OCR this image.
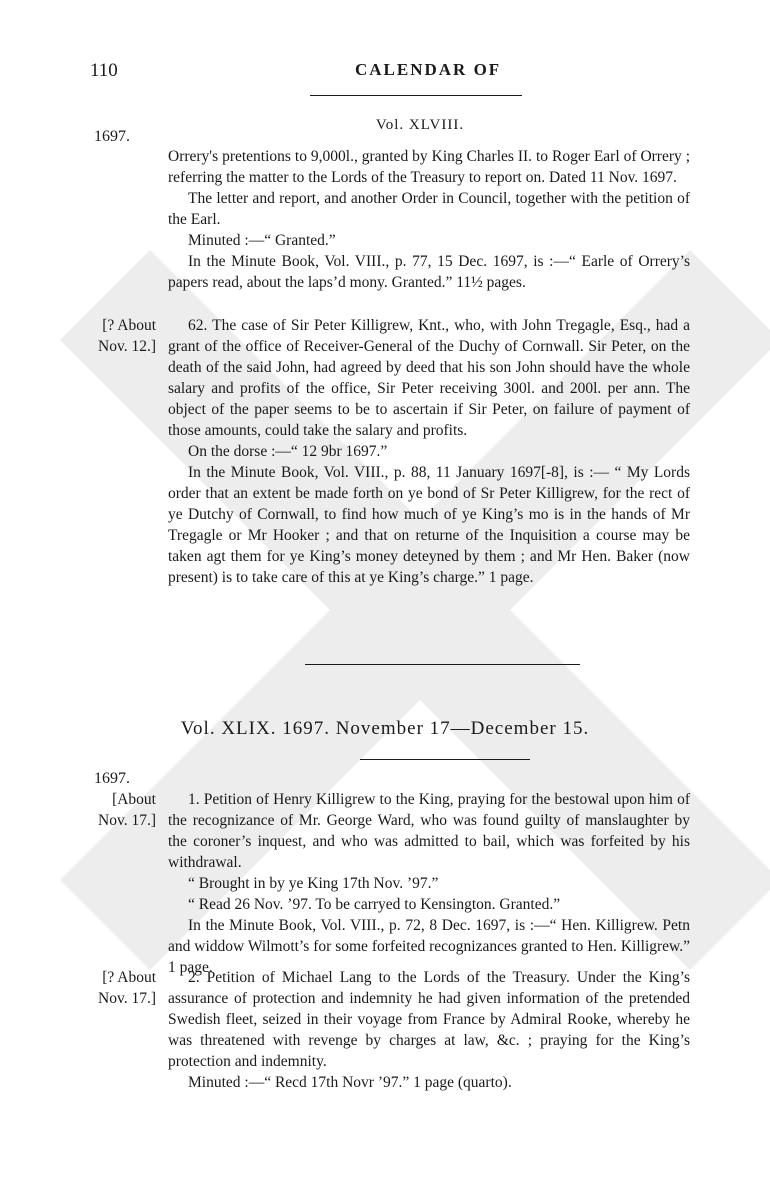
110	CALENDAR OF
Vol. XLVIII.
1697.

Orrery's pretentions to 9,000l., granted by King Charles II. to Roger Earl of Orrery ; referring the matter to the Lords of the Treasury to report on. Dated 11 Nov. 1697.

The letter and report, and another Order in Council, together with the petition of the Earl.

Minuted :—“ Granted.”

In the Minute Book, Vol. VIII., p. 77, 15 Dec. 1697, is :—“ Earle of Orrery’s papers read, about the laps’d mony. Granted.” 11½ pages.

[? About
Nov. 12.]

62. The case of Sir Peter Killigrew, Knt., who, with John Tregagle, Esq., had a grant of the office of Receiver-General of the Duchy of Cornwall. Sir Peter, on the death of the said John, had agreed by deed that his son John should have the whole salary and profits of the office, Sir Peter receiving 300l. and 200l. per ann. The object of the paper seems to be to ascertain if Sir Peter, on failure of payment of those amounts, could take the salary and profits.

On the dorse :—“ 12 9br 1697.”

In the Minute Book, Vol. VIII., p. 88, 11 January 1697[-8], is :— “ My Lords order that an extent be made forth on ye bond of Sr Peter Killigrew, for the rect of ye Dutchy of Cornwall, to find how much of ye King’s mo is in the hands of Mr Tregagle or Mr Hooker ; and that on returne of the Inquisition a course may be taken agt them for ye King’s money deteyned by them ; and Mr Hen. Baker (now present) is to take care of this at ye King’s charge.” 1 page.

Vol. XLIX. 1697. November 17—December 15.
1697.
[About
Nov. 17.]

1. Petition of Henry Killigrew to the King, praying for the bestowal upon him of the recognizance of Mr. George Ward, who was found guilty of manslaughter by the coroner’s inquest, and who was admitted to bail, which was forfeited by his withdrawal.

“ Brought in by ye King 17th Nov. ’97.”

“ Read 26 Nov. ’97. To be carryed to Kensington. Granted.”

In the Minute Book, Vol. VIII., p. 72, 8 Dec. 1697, is :—“ Hen. Killigrew. Petn and widdow Wilmott’s for some forfeited recognizances granted to Hen. Killigrew.” 1 page.

[? About
Nov. 17.]

2. Petition of Michael Lang to the Lords of the Treasury. Under the King’s assurance of protection and indemnity he had given information of the pretended Swedish fleet, seized in their voyage from France by Admiral Rooke, whereby he was threatened with revenge by charges at law, &c. ; praying for the King’s protection and indemnity.

Minuted :—“ Recd 17th Novr ’97.” 1 page (quarto).
